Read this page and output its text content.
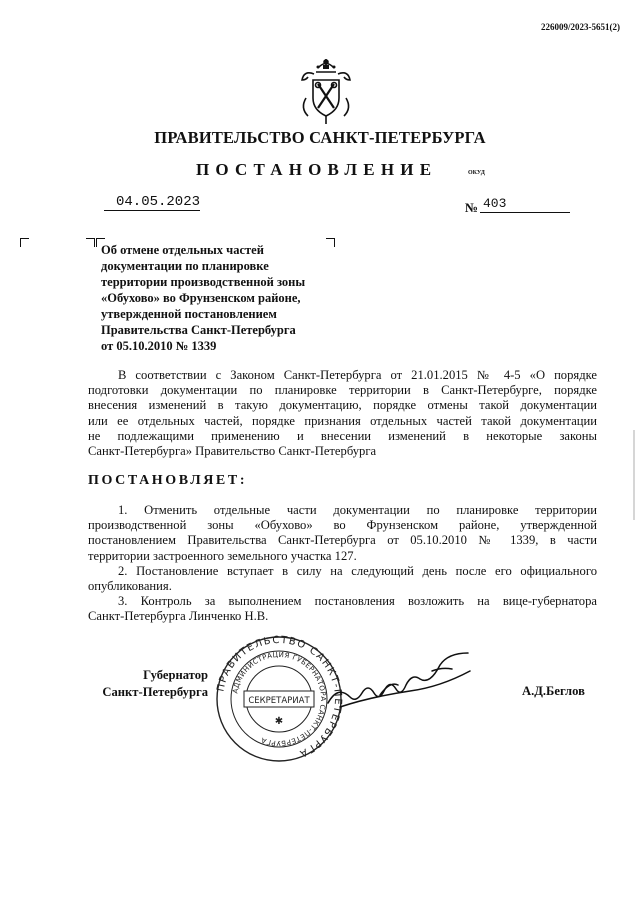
226009/2023-5651(2)
ПРАВИТЕЛЬСТВО САНКТ-ПЕТЕРБУРГА
ПОСТАНОВЛЕНИЕ	ОКУД
04.05.2023	№ 403
Об отмене отдельных частей
документации по планировке
территории производственной зоны
«Обухово» во Фрунзенском районе,
утвержденной постановлением
Правительства Санкт-Петербурга
от 05.10.2010 № 1339
В соответствии с Законом Санкт-Петербурга от 21.01.2015 № 4-5 «О порядке
подготовки документации по планировке территории в Санкт-Петербурге, порядке
внесения изменений в такую документацию, порядке отмены такой документации
или ее отдельных частей, порядке признания отдельных частей такой документации
не подлежащими применению и внесении изменений в некоторые законы
Санкт-Петербурга» Правительство Санкт-Петербурга
ПОСТАНОВЛЯЕТ:
1. Отменить отдельные части документации по планировке территории
производственной зоны «Обухово» во Фрунзенском районе, утвержденной
постановлением Правительства Санкт-Петербурга от 05.10.2010 № 1339, в части
территории застроенного земельного участка 127.
2. Постановление вступает в силу на следующий день после его официального
опубликования.
3. Контроль за выполнением постановления возложить на вице-губернатора
Санкт-Петербурга Линченко Н.В.
Губернатор
Санкт-Петербурга ПРАВИТЕЛЬСТВО САНКТ-ПЕТЕРБУРГА
АДМИНИСТРАЦИЯ ГУБЕРНАТОРА САНКТ-ПЕТЕРБУРГА
СЕКРЕТАРИАТ
✱
А.Д.Беглов
